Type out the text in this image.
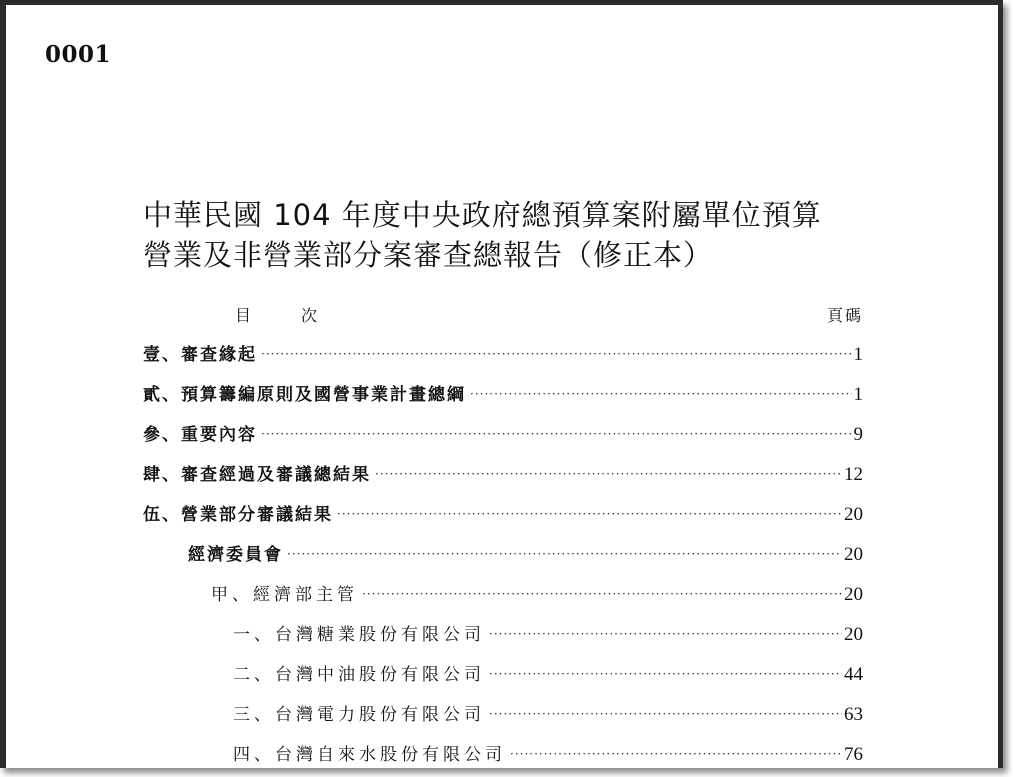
0001
中華民國 104 年度中央政府總預算案附屬單位預算
營業及非營業部分案審查總報告（修正本）
目次	頁碼
壹、審查緣起 ·····	1
貳、預算籌編原則及國營事業計畫總綱 ·····	1
參、重要內容 ·····	9
肆、審查經過及審議總結果 ·····	12
伍、營業部分審議結果 ·····	20
經濟委員會 ·····	20
甲、經濟部主管 ·····	20
一、台灣糖業股份有限公司 ·····	20
二、台灣中油股份有限公司 ·····	44
三、台灣電力股份有限公司 ·····	63
四、台灣自來水股份有限公司 ·····	76
